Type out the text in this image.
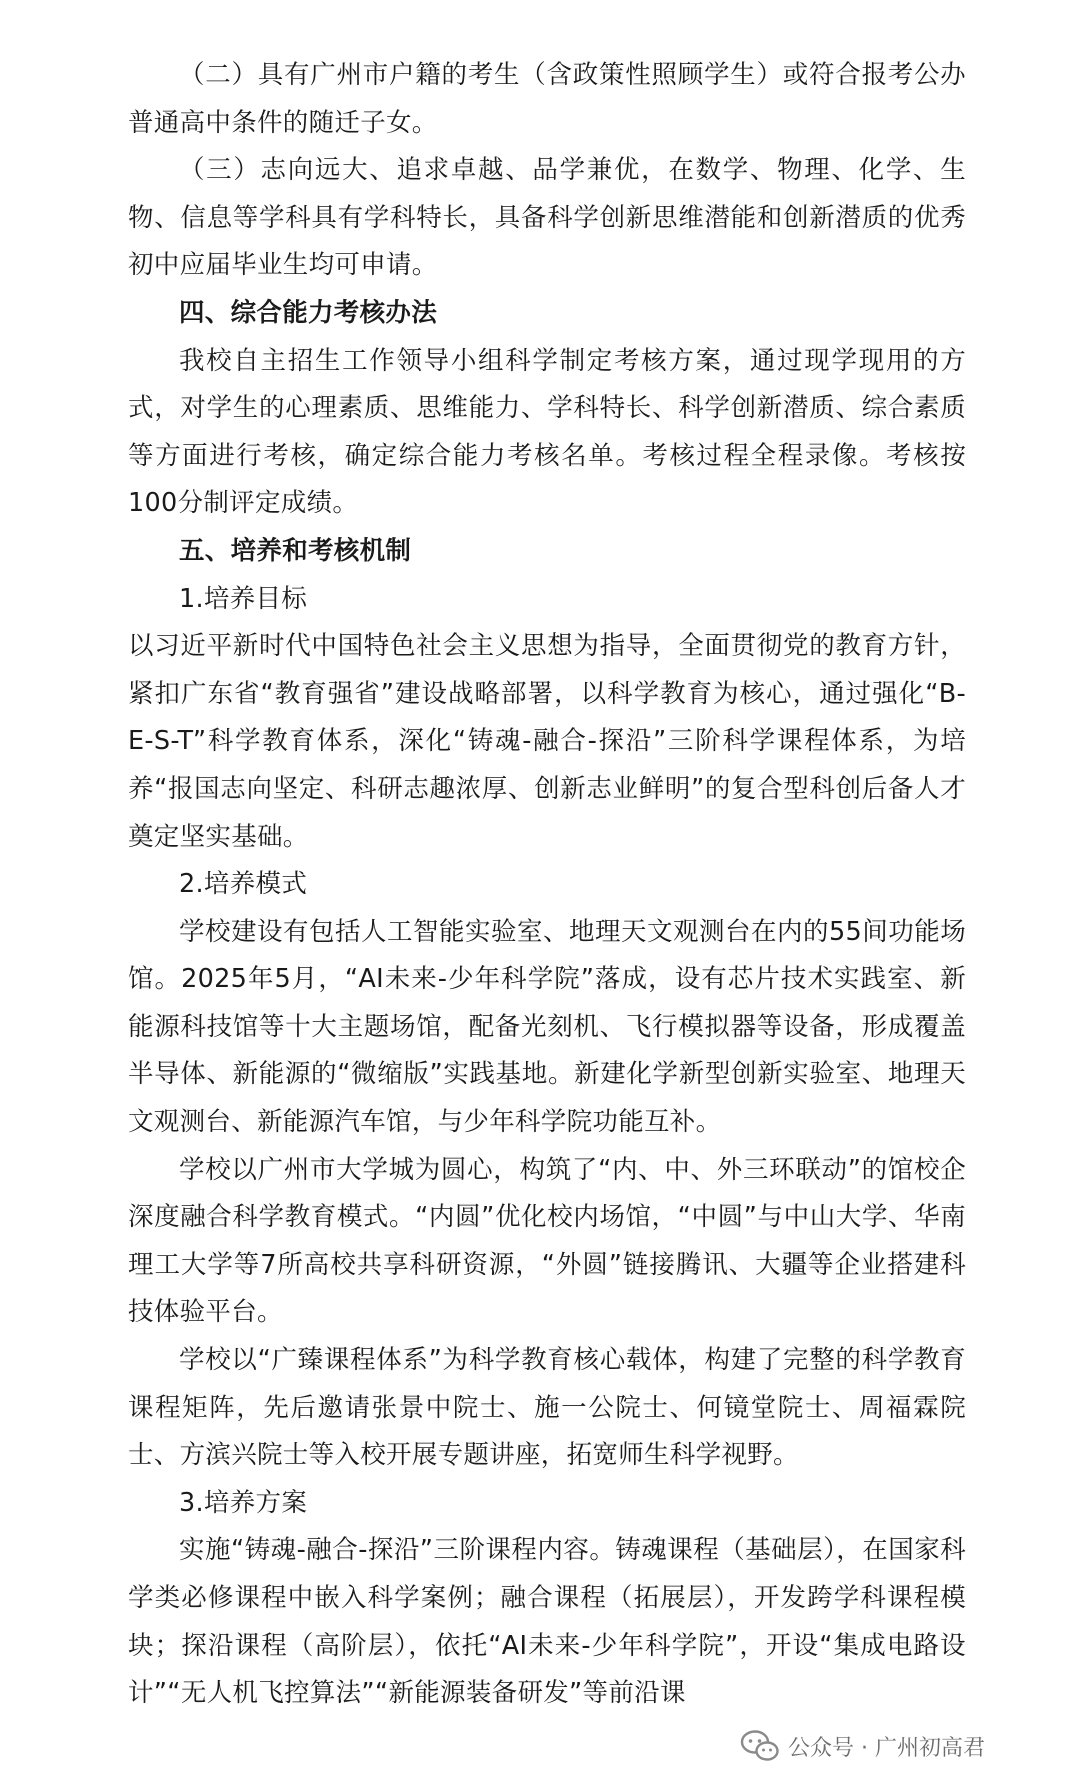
（二）具有广州市户籍的考生（含政策性照顾学生）或符合报考公办普通高中条件的随迁子女。

（三）志向远大、追求卓越、品学兼优，在数学、物理、化学、生物、信息等学科具有学科特长，具备科学创新思维潜能和创新潜质的优秀初中应届毕业生均可申请。

四、综合能力考核办法

我校自主招生工作领导小组科学制定考核方案，通过现学现用的方式，对学生的心理素质、思维能力、学科特长、科学创新潜质、综合素质等方面进行考核，确定综合能力考核名单。考核过程全程录像。考核按100分制评定成绩。

五、培养和考核机制

1.培养目标

以习近平新时代中国特色社会主义思想为指导，全面贯彻党的教育方针，紧扣广东省“教育强省”建设战略部署，以科学教育为核心，通过强化“B-E-S-T”科学教育体系，深化“铸魂-融合-探沿”三阶科学课程体系，为培养“报国志向坚定、科研志趣浓厚、创新志业鲜明”的复合型科创后备人才奠定坚实基础。

2.培养模式

学校建设有包括人工智能实验室、地理天文观测台在内的55间功能场馆。2025年5月，“AI未来-少年科学院”落成，设有芯片技术实践室、新能源科技馆等十大主题场馆，配备光刻机、飞行模拟器等设备，形成覆盖半导体、新能源的“微缩版”实践基地。新建化学新型创新实验室、地理天文观测台、新能源汽车馆，与少年科学院功能互补。

学校以广州市大学城为圆心，构筑了“内、中、外三环联动”的馆校企深度融合科学教育模式。“内圆”优化校内场馆，“中圆”与中山大学、华南理工大学等7所高校共享科研资源，“外圆”链接腾讯、大疆等企业搭建科技体验平台。

学校以“广臻课程体系”为科学教育核心载体，构建了完整的科学教育课程矩阵，先后邀请张景中院士、施一公院士、何镜堂院士、周福霖院士、方滨兴院士等入校开展专题讲座，拓宽师生科学视野。

3.培养方案

实施“铸魂-融合-探沿”三阶课程内容。铸魂课程（基础层），在国家科学类必修课程中嵌入科学案例；融合课程（拓展层），开发跨学科课程模块；探沿课程（高阶层），依托“AI未来-少年科学院”，开设“集成电路设计”“无人机飞控算法”“新能源装备研发”等前沿课

公众号 · 广州初高君
